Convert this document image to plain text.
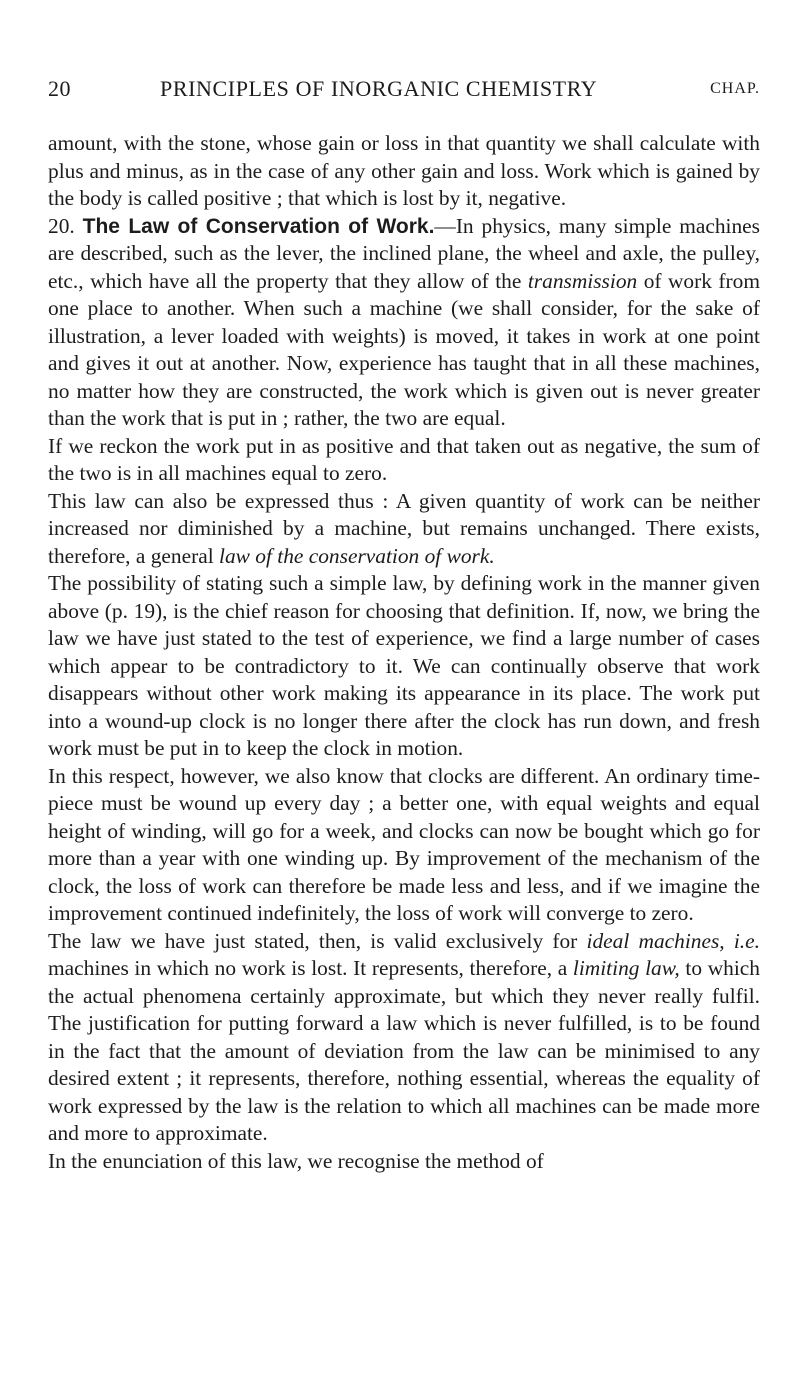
20	PRINCIPLES OF INORGANIC CHEMISTRY	CHAP.

amount, with the stone, whose gain or loss in that quantity we shall calculate with plus and minus, as in the case of any other gain and loss. Work which is gained by the body is called positive ; that which is lost by it, negative.

20. The Law of Conservation of Work.—In physics, many simple machines are described, such as the lever, the inclined plane, the wheel and axle, the pulley, etc., which have all the property that they allow of the transmission of work from one place to another. When such a machine (we shall consider, for the sake of illustration, a lever loaded with weights) is moved, it takes in work at one point and gives it out at another. Now, experience has taught that in all these machines, no matter how they are constructed, the work which is given out is never greater than the work that is put in ; rather, the two are equal.

If we reckon the work put in as positive and that taken out as negative, the sum of the two is in all machines equal to zero.

This law can also be expressed thus : A given quantity of work can be neither increased nor diminished by a machine, but remains unchanged. There exists, therefore, a general law of the conservation of work.

The possibility of stating such a simple law, by defining work in the manner given above (p. 19), is the chief reason for choosing that definition. If, now, we bring the law we have just stated to the test of experience, we find a large number of cases which appear to be contradictory to it. We can continually observe that work disappears without other work making its appearance in its place. The work put into a wound-up clock is no longer there after the clock has run down, and fresh work must be put in to keep the clock in motion.

In this respect, however, we also know that clocks are different. An ordinary time-piece must be wound up every day ; a better one, with equal weights and equal height of winding, will go for a week, and clocks can now be bought which go for more than a year with one winding up. By improvement of the mechanism of the clock, the loss of work can therefore be made less and less, and if we imagine the improvement continued indefinitely, the loss of work will converge to zero.

The law we have just stated, then, is valid exclusively for ideal machines, i.e. machines in which no work is lost. It represents, therefore, a limiting law, to which the actual phenomena certainly approximate, but which they never really fulfil. The justification for putting forward a law which is never fulfilled, is to be found in the fact that the amount of deviation from the law can be minimised to any desired extent ; it represents, therefore, nothing essential, whereas the equality of work expressed by the law is the relation to which all machines can be made more and more to approximate.

In the enunciation of this law, we recognise the method of
